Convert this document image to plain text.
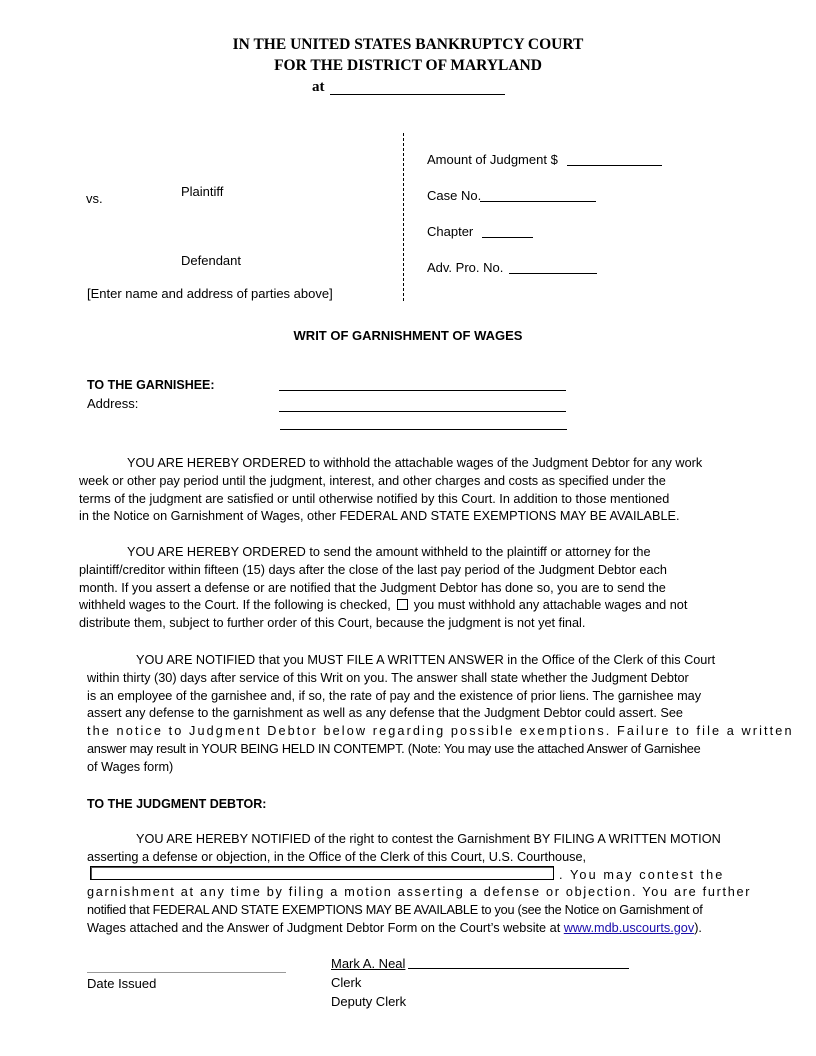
IN THE UNITED STATES BANKRUPTCY COURT
FOR THE DISTRICT OF MARYLAND
at
Plaintiff
vs.
Defendant
[Enter name and address of parties above]
Amount of Judgment $
Case No.
Chapter
Adv. Pro. No.
WRIT OF GARNISHMENT OF WAGES
TO THE GARNISHEE:
Address:
YOU ARE HEREBY ORDERED to withhold the attachable wages of the Judgment Debtor for any work
week or other pay period until the judgment, interest, and other charges and costs as specified under the
terms of the judgment are satisfied or until otherwise notified by this Court. In addition to those mentioned
in the Notice on Garnishment of Wages, other FEDERAL AND STATE EXEMPTIONS MAY BE AVAILABLE.
YOU ARE HEREBY ORDERED to send the amount withheld to the plaintiff or attorney for the
plaintiff/creditor within fifteen (15) days after the close of the last pay period of the Judgment Debtor each
month. If you assert a defense or are notified that the Judgment Debtor has done so, you are to send the
withheld wages to the Court. If the following is checked, you must withhold any attachable wages and not
distribute them, subject to further order of this Court, because the judgment is not yet final.
YOU ARE NOTIFIED that you MUST FILE A WRITTEN ANSWER in the Office of the Clerk of this Court
within thirty (30) days after service of this Writ on you. The answer shall state whether the Judgment Debtor
is an employee of the garnishee and, if so, the rate of pay and the existence of prior liens. The garnishee may
assert any defense to the garnishment as well as any defense that the Judgment Debtor could assert. See
the notice to Judgment Debtor below regarding possible exemptions. Failure to file a written
answer may result in YOUR BEING HELD IN CONTEMPT. (Note: You may use the attached Answer of Garnishee
of Wages form)
TO THE JUDGMENT DEBTOR:
YOU ARE HEREBY NOTIFIED of the right to contest the Garnishment BY FILING A WRITTEN MOTION
asserting a defense or objection, in the Office of the Clerk of this Court, U.S. Courthouse,
. You may contest the
garnishment at any time by filing a motion asserting a defense or objection. You are further
notified that FEDERAL AND STATE EXEMPTIONS MAY BE AVAILABLE to you (see the Notice on Garnishment of
Wages attached and the Answer of Judgment Debtor Form on the Court’s website at www.mdb.uscourts.gov).
Date Issued
Mark A. Neal
Clerk
Deputy Clerk
